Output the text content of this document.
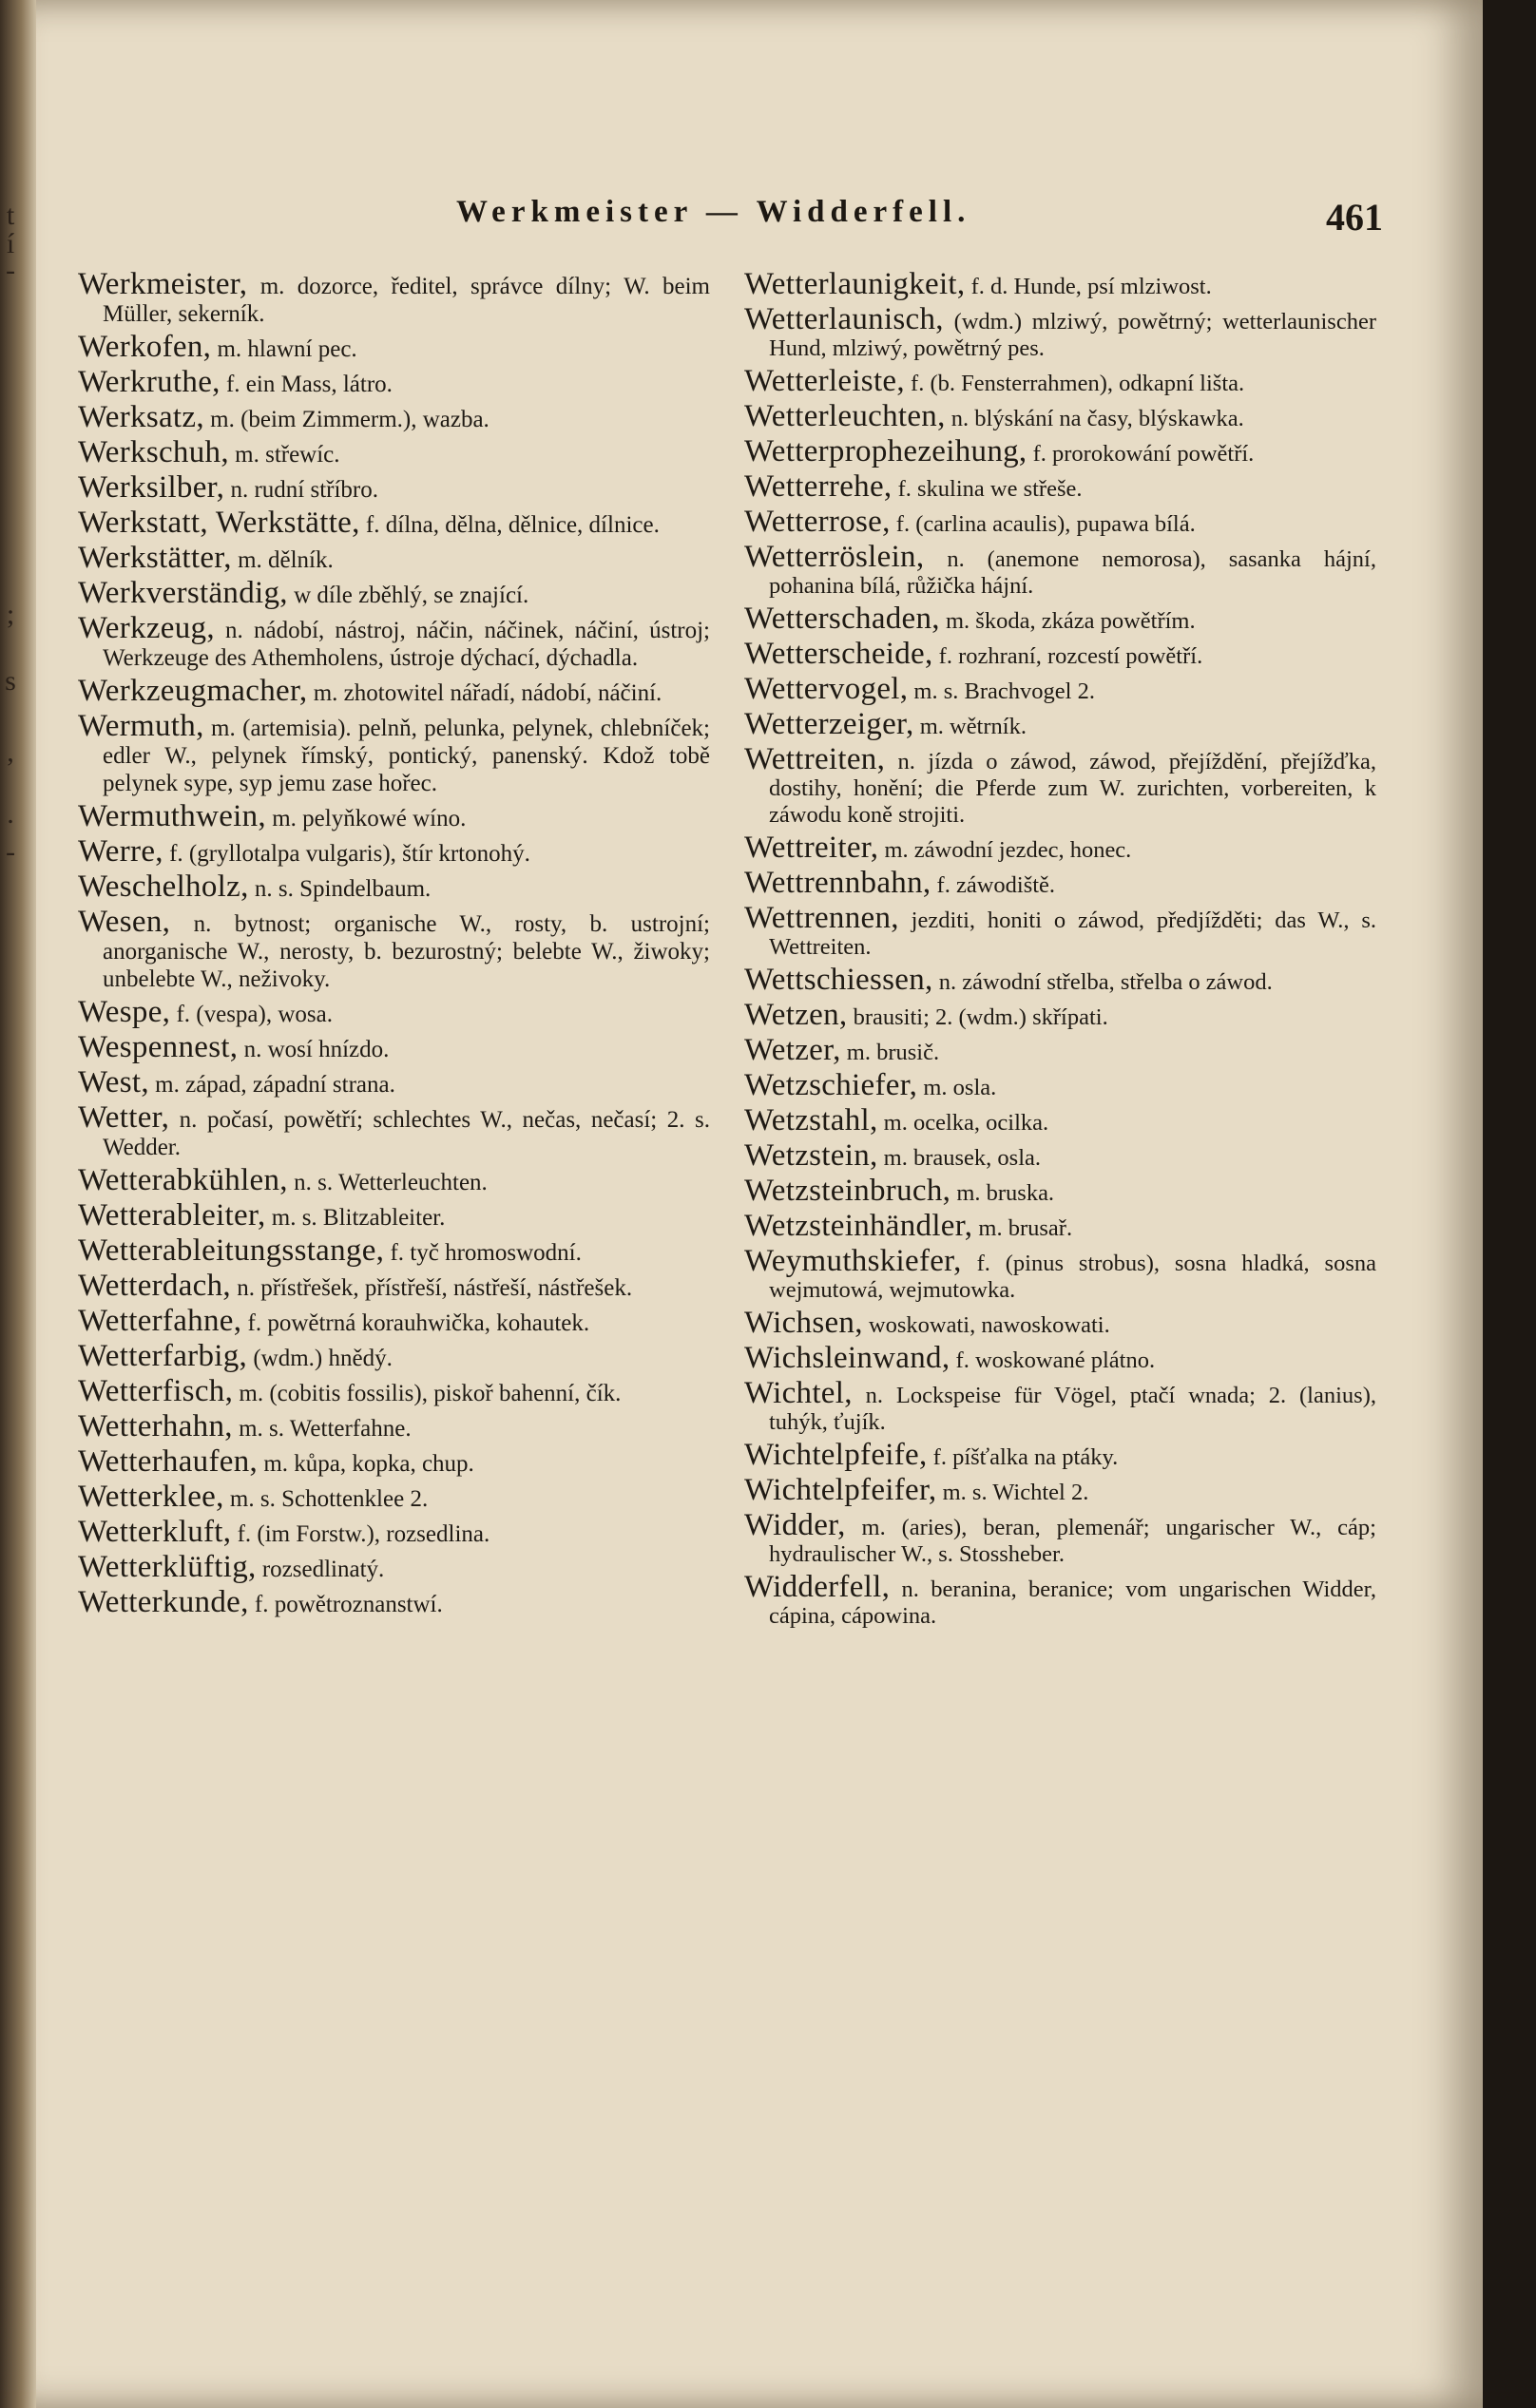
t
í
-
;
s
,
.
-
Werkmeister — Widderfell.	461
Werkmeister, m. dozorce, ředitel, správce dílny; W. beim Müller, sekerník.
Werkofen, m. hlawní pec.
Werkruthe, f. ein Mass, látro.
Werksatz, m. (beim Zimmerm.), wazba.
Werkschuh, m. střewíc.
Werksilber, n. rudní stříbro.
Werkstatt, Werkstätte, f. dílna, dělna, dělnice, dílnice.
Werkstätter, m. dělník.
Werkverständig, w díle zběhlý, se znající.
Werkzeug, n. nádobí, nástroj, náčin, náčinek, náčiní, ústroj; Werkzeuge des Athemholens, ústroje dýchací, dýchadla.
Werkzeugmacher, m. zhotowitel nářadí, nádobí, náčiní.
Wermuth, m. (artemisia). pelnň, pelunka, pelynek, chlebníček; edler W., pelynek římský, pontický, panenský. Kdož tobě pelynek sype, syp jemu zase hořec.
Wermuthwein, m. pelyňkowé wíno.
Werre, f. (gryllotalpa vulgaris), štír krtonohý.
Weschelholz, n. s. Spindelbaum.
Wesen, n. bytnost; organische W., rosty, b. ustrojní; anorganische W., nerosty, b. bezurostný; belebte W., žiwoky; unbelebte W., neživoky.
Wespe, f. (vespa), wosa.
Wespennest, n. wosí hnízdo.
West, m. západ, západní strana.
Wetter, n. počasí, powětří; schlechtes W., nečas, nečasí; 2. s. Wedder.
Wetterabkühlen, n. s. Wetterleuchten.
Wetterableiter, m. s. Blitzableiter.
Wetterableitungsstange, f. tyč hromoswodní.
Wetterdach, n. přístřešek, přístřeší, nástřeší, nástřešek.
Wetterfahne, f. powětrná korauhwička, kohautek.
Wetterfarbig, (wdm.) hnědý.
Wetterfisch, m. (cobitis fossilis), piskoř bahenní, čík.
Wetterhahn, m. s. Wetterfahne.
Wetterhaufen, m. kůpa, kopka, chup.
Wetterklee, m. s. Schottenklee 2.
Wetterkluft, f. (im Forstw.), rozsedlina.
Wetterklüftig, rozsedlinatý.
Wetterkunde, f. powětroznanstwí.
Wetterlaunigkeit, f. d. Hunde, psí mlziwost.
Wetterlaunisch, (wdm.) mlziwý, powětrný; wetterlaunischer Hund, mlziwý, powětrný pes.
Wetterleiste, f. (b. Fensterrahmen), odkapní lišta.
Wetterleuchten, n. blýskání na časy, blýskawka.
Wetterprophezeihung, f. prorokowání powětří.
Wetterrehe, f. skulina we střeše.
Wetterrose, f. (carlina acaulis), pupawa bílá.
Wetterröslein, n. (anemone nemorosa), sasanka hájní, pohanina bílá, růžička hájní.
Wetterschaden, m. škoda, zkáza powětřím.
Wetterscheide, f. rozhraní, rozcestí powětří.
Wettervogel, m. s. Brachvogel 2.
Wetterzeiger, m. wětrník.
Wettreiten, n. jízda o záwod, záwod, přejíždění, přejížďka, dostihy, honění; die Pferde zum W. zurichten, vorbereiten, k záwodu koně strojiti.
Wettreiter, m. záwodní jezdec, honec.
Wettrennbahn, f. záwodiště.
Wettrennen, jezditi, honiti o záwod, předjížděti; das W., s. Wettreiten.
Wettschiessen, n. záwodní střelba, střelba o záwod.
Wetzen, brausiti; 2. (wdm.) skřípati.
Wetzer, m. brusič.
Wetzschiefer, m. osla.
Wetzstahl, m. ocelka, ocilka.
Wetzstein, m. brausek, osla.
Wetzsteinbruch, m. bruska.
Wetzsteinhändler, m. brusař.
Weymuthskiefer, f. (pinus strobus), sosna hladká, sosna wejmutowá, wejmutowka.
Wichsen, woskowati, nawoskowati.
Wichsleinwand, f. woskowané plátno.
Wichtel, n. Lockspeise für Vögel, ptačí wnada; 2. (lanius), tuhýk, ťujík.
Wichtelpfeife, f. píšťalka na ptáky.
Wichtelpfeifer, m. s. Wichtel 2.
Widder, m. (aries), beran, plemenář; ungarischer W., cáp; hydraulischer W., s. Stossheber.
Widderfell, n. beranina, beranice; vom ungarischen Widder, cápina, cápowina.
